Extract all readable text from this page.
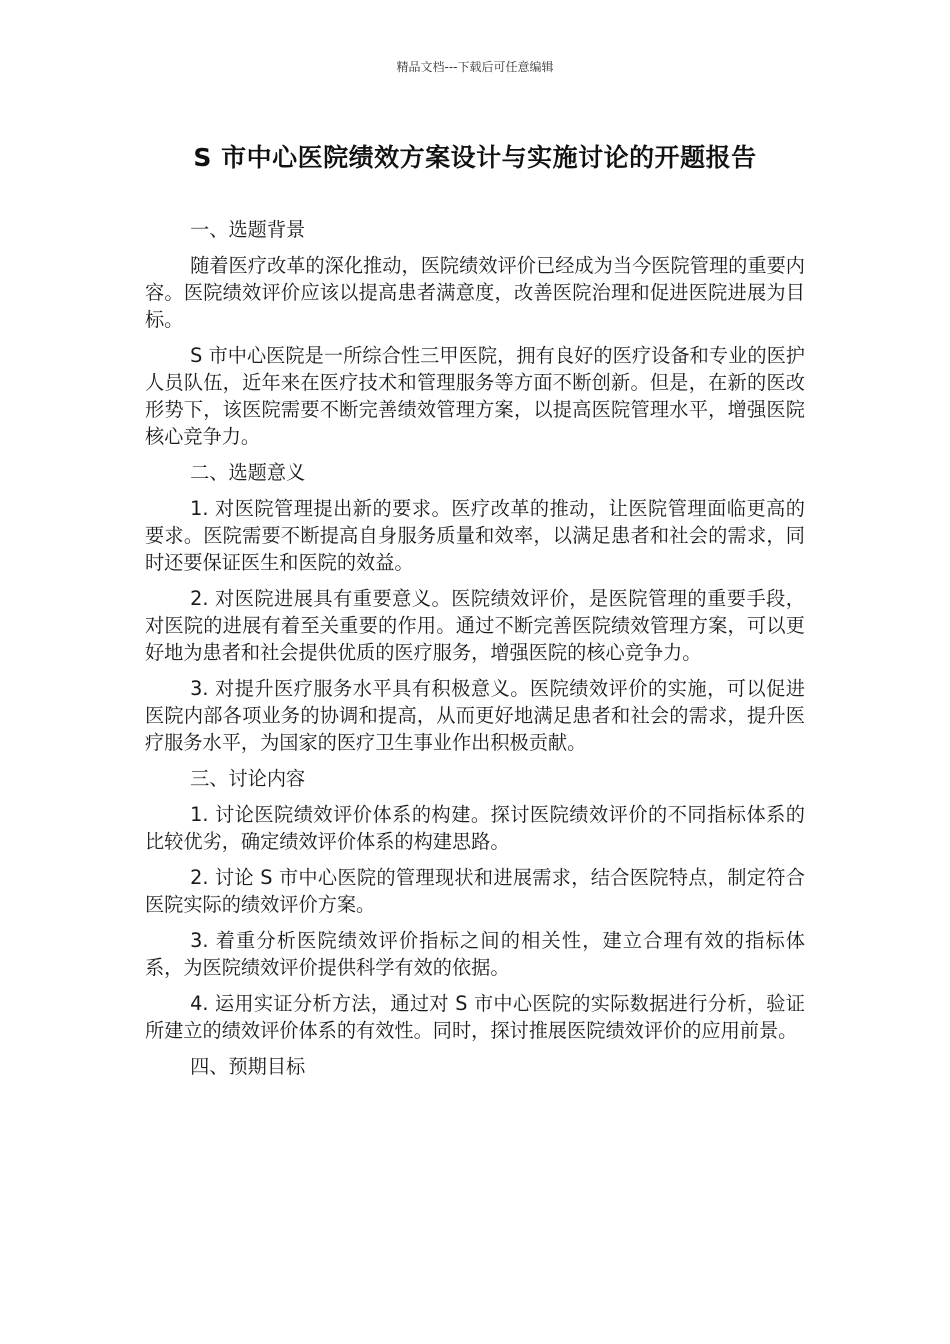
精品文档---下载后可任意编辑
S 市中心医院绩效方案设计与实施讨论的开题报告

一、选题背景

随着医疗改革的深化推动，医院绩效评价已经成为当今医院管理的重要内容。医院绩效评价应该以提高患者满意度，改善医院治理和促进医院进展为目标。

S 市中心医院是一所综合性三甲医院，拥有良好的医疗设备和专业的医护人员队伍，近年来在医疗技术和管理服务等方面不断创新。但是，在新的医改形势下，该医院需要不断完善绩效管理方案，以提高医院管理水平，增强医院核心竞争力。

二、选题意义

1. 对医院管理提出新的要求。医疗改革的推动，让医院管理面临更高的要求。医院需要不断提高自身服务质量和效率，以满足患者和社会的需求，同时还要保证医生和医院的效益。

2. 对医院进展具有重要意义。医院绩效评价，是医院管理的重要手段，对医院的进展有着至关重要的作用。通过不断完善医院绩效管理方案，可以更好地为患者和社会提供优质的医疗服务，增强医院的核心竞争力。

3. 对提升医疗服务水平具有积极意义。医院绩效评价的实施，可以促进医院内部各项业务的协调和提高，从而更好地满足患者和社会的需求，提升医疗服务水平，为国家的医疗卫生事业作出积极贡献。

三、讨论内容

1. 讨论医院绩效评价体系的构建。探讨医院绩效评价的不同指标体系的比较优劣，确定绩效评价体系的构建思路。

2. 讨论 S 市中心医院的管理现状和进展需求，结合医院特点，制定符合医院实际的绩效评价方案。

3. 着重分析医院绩效评价指标之间的相关性，建立合理有效的指标体系，为医院绩效评价提供科学有效的依据。

4. 运用实证分析方法，通过对 S 市中心医院的实际数据进行分析，验证所建立的绩效评价体系的有效性。同时，探讨推展医院绩效评价的应用前景。

四、预期目标
